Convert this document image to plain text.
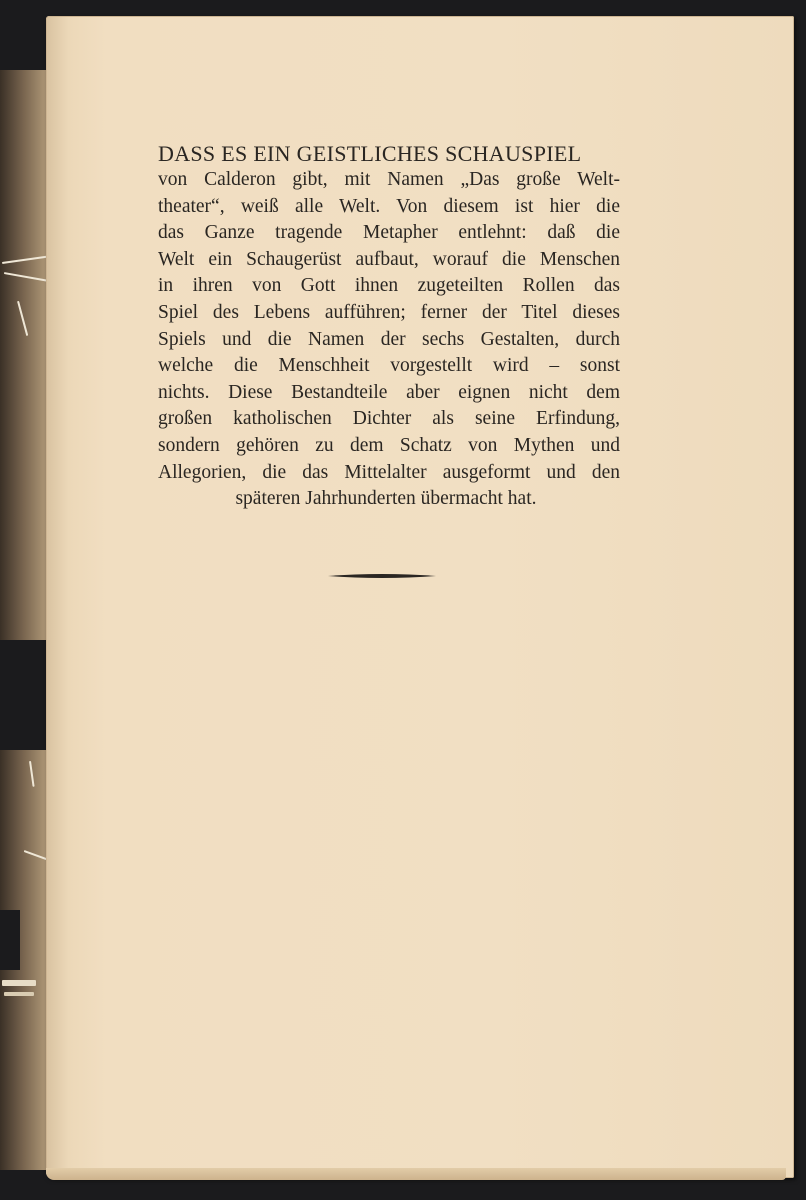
DASS ES EIN GEISTLICHES SCHAUSPIEL
von Calderon gibt, mit Namen „Das große Welt-
theater“, weiß alle Welt. Von diesem ist hier die
das Ganze tragende Metapher entlehnt: daß die
Welt ein Schaugerüst aufbaut, worauf die Menschen
in ihren von Gott ihnen zugeteilten Rollen das
Spiel des Lebens aufführen; ferner der Titel dieses
Spiels und die Namen der sechs Gestalten, durch
welche die Menschheit vorgestellt wird – sonst
nichts. Diese Bestandteile aber eignen nicht dem
großen katholischen Dichter als seine Erfindung,
sondern gehören zu dem Schatz von Mythen und
Allegorien, die das Mittelalter ausgeformt und den
späteren Jahrhunderten übermacht hat.
